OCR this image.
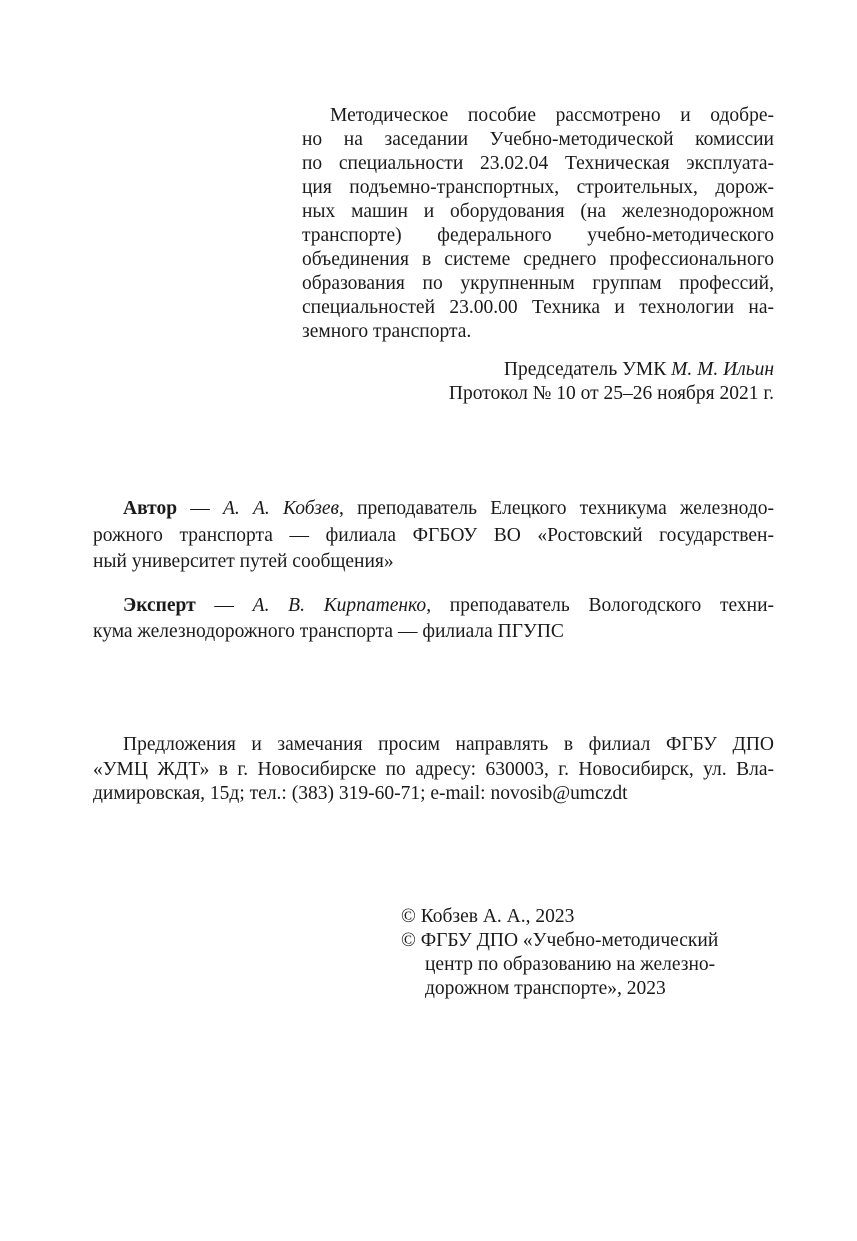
Методическое пособие рассмотрено и одобре-
но на заседании Учебно-методической комиссии
по специальности 23.02.04 Техническая эксплуата-
ция подъемно-транспортных, строительных, дорож-
ных машин и оборудования (на железнодорожном
транспорте) федерального учебно-методического
объединения в системе среднего профессионального
образования по укрупненным группам профессий,
специальностей 23.00.00 Техника и технологии на-
земного транспорта.
Председатель УМК М. М. Ильин
Протокол № 10 от 25–26 ноября 2021 г.
Автор — А. А. Кобзев, преподаватель Елецкого техникума железнодо-
рожного транспорта — филиала ФГБОУ ВО «Ростовский государствен-
ный университет путей сообщения»
Эксперт — А. В. Кирпатенко, преподаватель Вологодского техни-
кума железнодорожного транспорта — филиала ПГУПС
Предложения и замечания просим направлять в филиал ФГБУ ДПО
«УМЦ ЖДТ» в г. Новосибирске по адресу: 630003, г. Новосибирск, ул. Вла-
димировская, 15д; тел.: (383) 319-60-71; e-mail: novosib@umczdt
© Кобзев А. А., 2023
© ФГБУ ДПО «Учебно-методический
центр по образованию на железно-
дорожном транспорте», 2023
